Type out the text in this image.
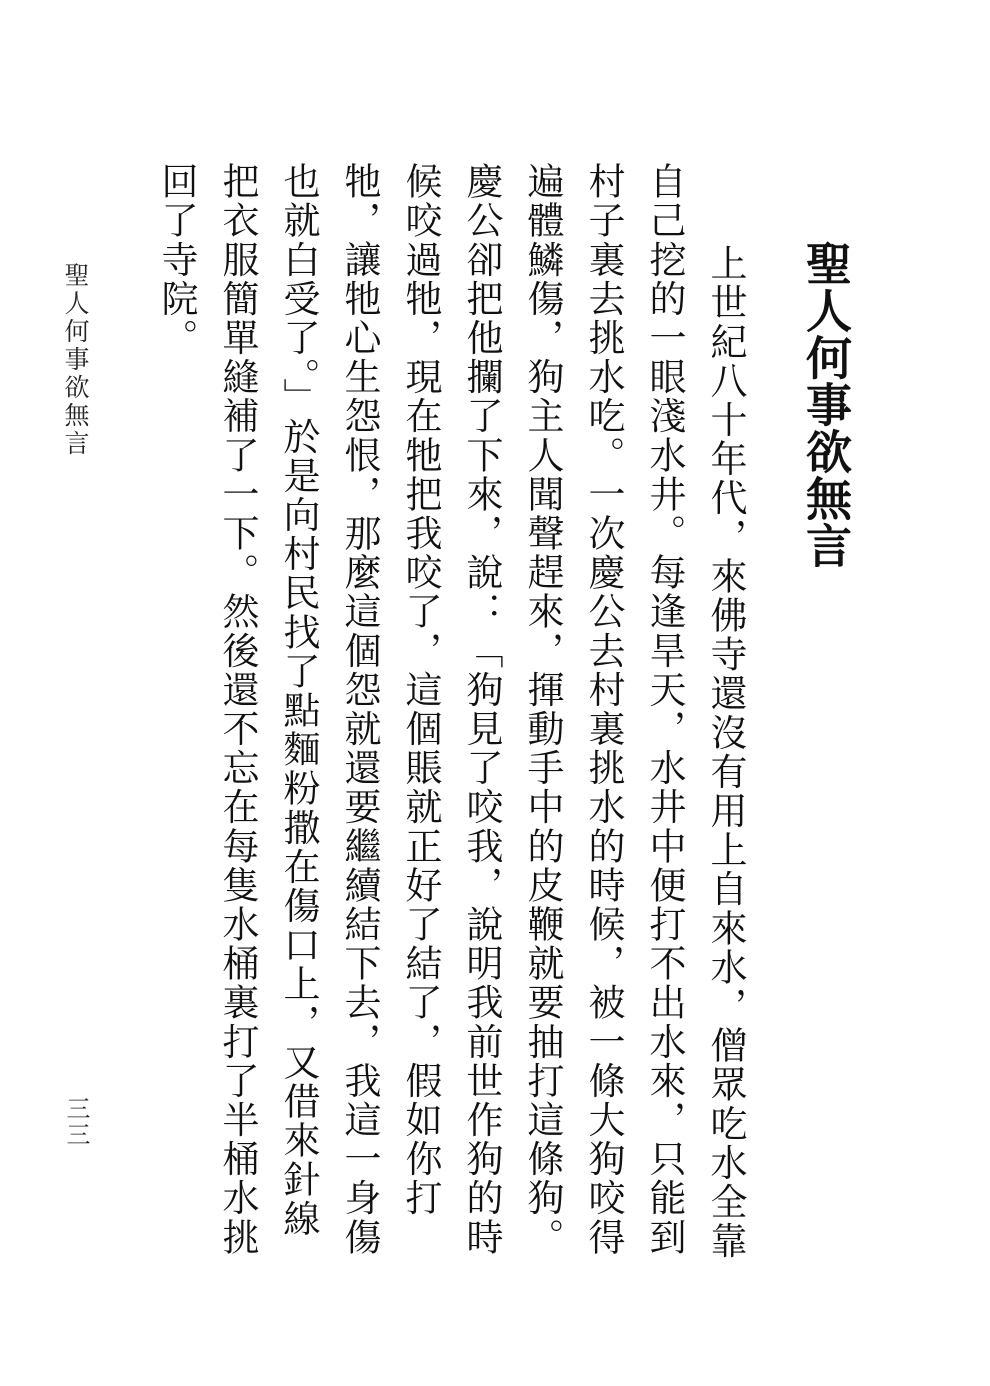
聖人何事欲無言

上世紀八十年代，來佛寺還沒有用上自來水，僧眾吃水全靠

自己挖的一眼淺水井。每逢旱天，水井中便打不出水來，只能到

村子裏去挑水吃。一次慶公去村裏挑水的時候，被一條大狗咬得

遍體鱗傷，狗主人聞聲趕來，揮動手中的皮鞭就要抽打這條狗。

慶公卻把他攔了下來，說：「狗見了咬我，說明我前世作狗的時

候咬過牠，現在牠把我咬了，這個賬就正好了結了，假如你打

牠，讓牠心生怨恨，那麼這個怨就還要繼續結下去，我這一身傷

也就白受了。」於是向村民找了點麵粉撒在傷口上，又借來針線

把衣服簡單縫補了一下。然後還不忘在每隻水桶裏打了半桶水挑

回了寺院。

聖人何事欲無言
三三
